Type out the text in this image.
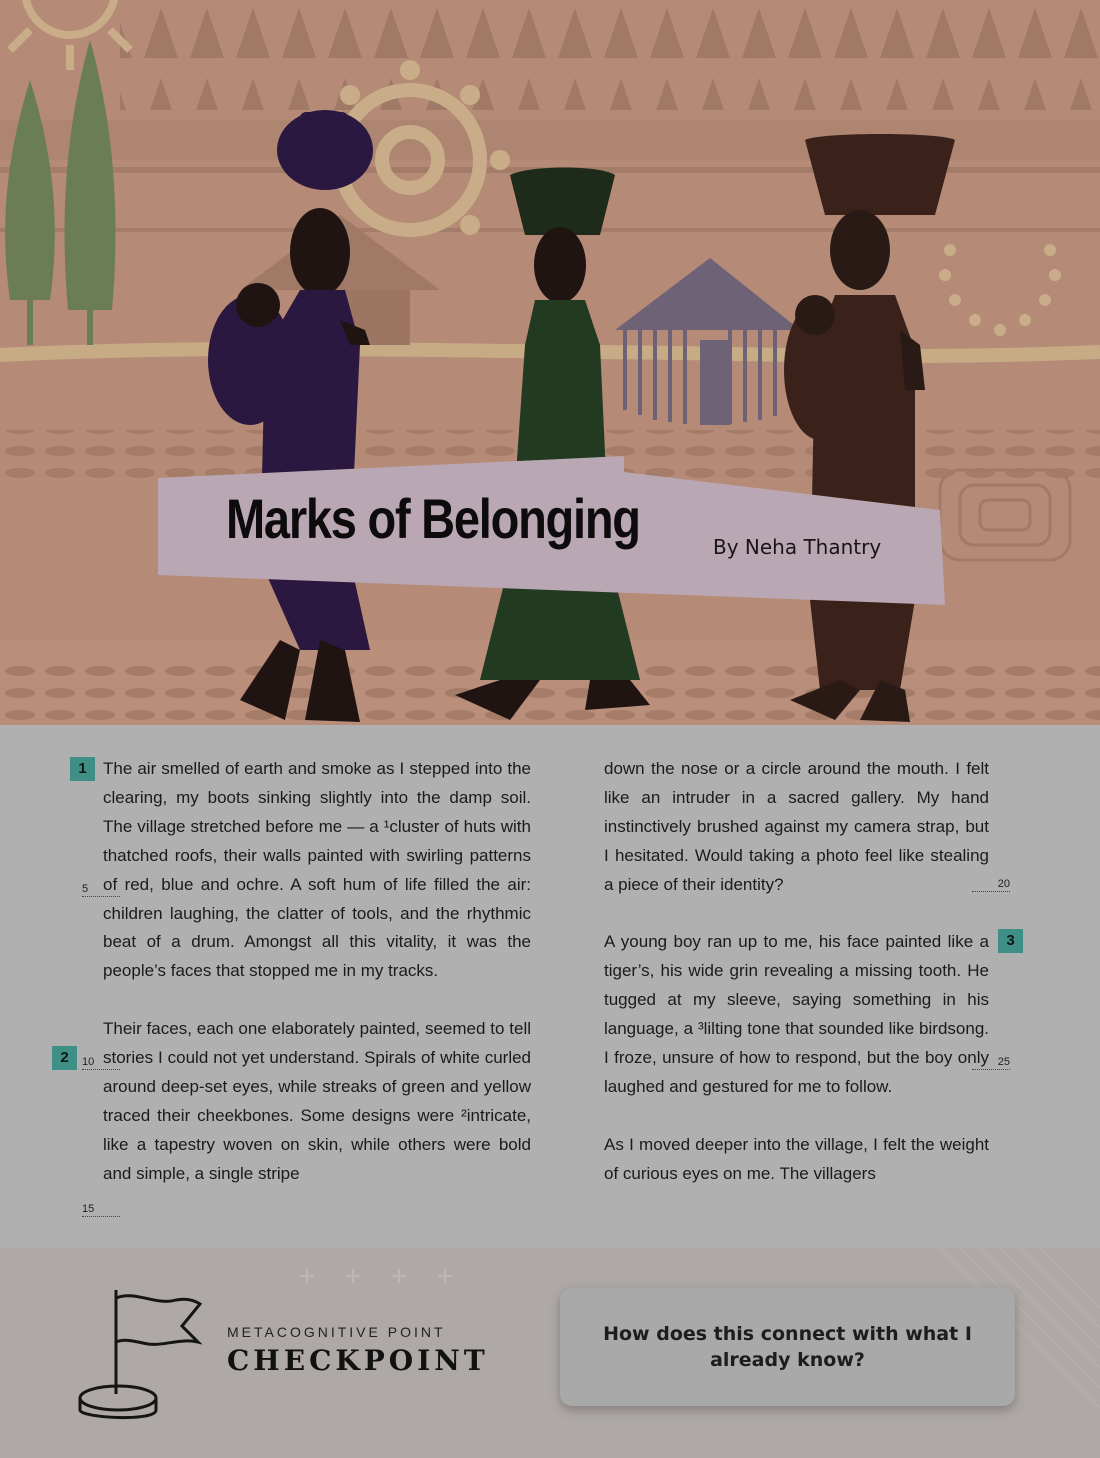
Marks of Belonging	By Neha Thantry
1
2
3
5
10
15
20
25

The air smelled of earth and smoke as I stepped into the clearing, my boots sinking slightly into the damp soil. The village stretched before me — a ¹cluster of huts with thatched roofs, their walls painted with swirling patterns of red, blue and ochre. A soft hum of life filled the air: children laughing, the clatter of tools, and the rhythmic beat of a drum. Amongst all this vitality, it was the people’s faces that stopped me in my tracks.

Their faces, each one elaborately painted, seemed to tell stories I could not yet understand. Spirals of white curled around deep-set eyes, while streaks of green and yellow traced their cheekbones. Some designs were ²intricate, like a tapestry woven on skin, while others were bold and simple, a single stripe

down the nose or a circle around the mouth. I felt like an intruder in a sacred gallery. My hand instinctively brushed against my camera strap, but I hesitated. Would taking a photo feel like stealing a piece of their identity?

A young boy ran up to me, his face painted like a tiger’s, his wide grin revealing a missing tooth. He tugged at my sleeve, saying something in his language, a ³lilting tone that sounded like birdsong. I froze, unsure of how to respond, but the boy only laughed and gestured for me to follow.

As I moved deeper into the village, I felt the weight of curious eyes on me. The villagers

METACOGNITIVE POINT
CHECKPOINT
How does this connect with what I already know?
